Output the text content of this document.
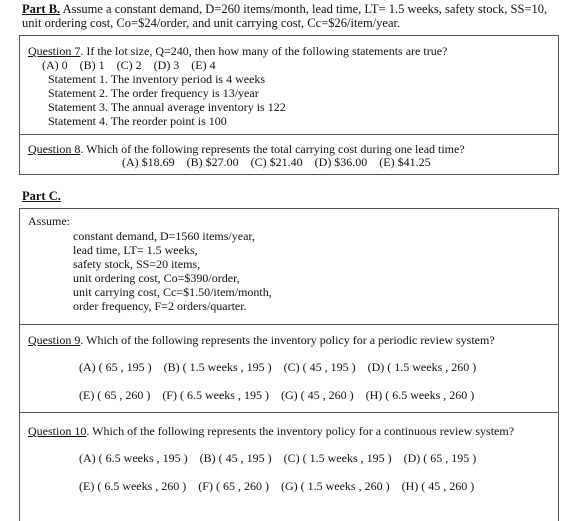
Part B. Assume a constant demand, D=260 items/month, lead time, LT= 1.5 weeks, safety stock, SS=10,
unit ordering cost, Co=$24/order, and unit carrying cost, Cc=$26/item/year.
Question 7. If the lot size, Q=240, then how many of the following statements are true?
(A) 0    (B) 1    (C) 2    (D) 3    (E) 4
Statement 1. The inventory period is 4 weeks
Statement 2. The order frequency is 13/year
Statement 3. The annual average inventory is 122
Statement 4. The reorder point is 100
Question 8. Which of the following represents the total carrying cost during one lead time?
(A) $18.69    (B) $27.00    (C) $21.40    (D) $36.00    (E) $41.25
Part C.
Assume:
constant demand, D=1560 items/year,
lead time, LT= 1.5 weeks,
safety stock, SS=20 items,
unit ordering cost, Co=$390/order,
unit carrying cost, Cc=$1.50/item/month,
order frequency, F=2 orders/quarter.
Question 9. Which of the following represents the inventory policy for a periodic review system?
(A) ( 65 , 195 )    (B) ( 1.5 weeks , 195 )    (C) ( 45 , 195 )    (D) ( 1.5 weeks , 260 )
(E) ( 65 , 260 )    (F) ( 6.5 weeks , 195 )    (G) ( 45 , 260 )    (H) ( 6.5 weeks , 260 )
Question 10. Which of the following represents the inventory policy for a continuous review system?
(A) ( 6.5 weeks , 195 )    (B) ( 45 , 195 )    (C) ( 1.5 weeks , 195 )    (D) ( 65 , 195 )
(E) ( 6.5 weeks , 260 )    (F) ( 65 , 260 )    (G) ( 1.5 weeks , 260 )    (H) ( 45 , 260 )
